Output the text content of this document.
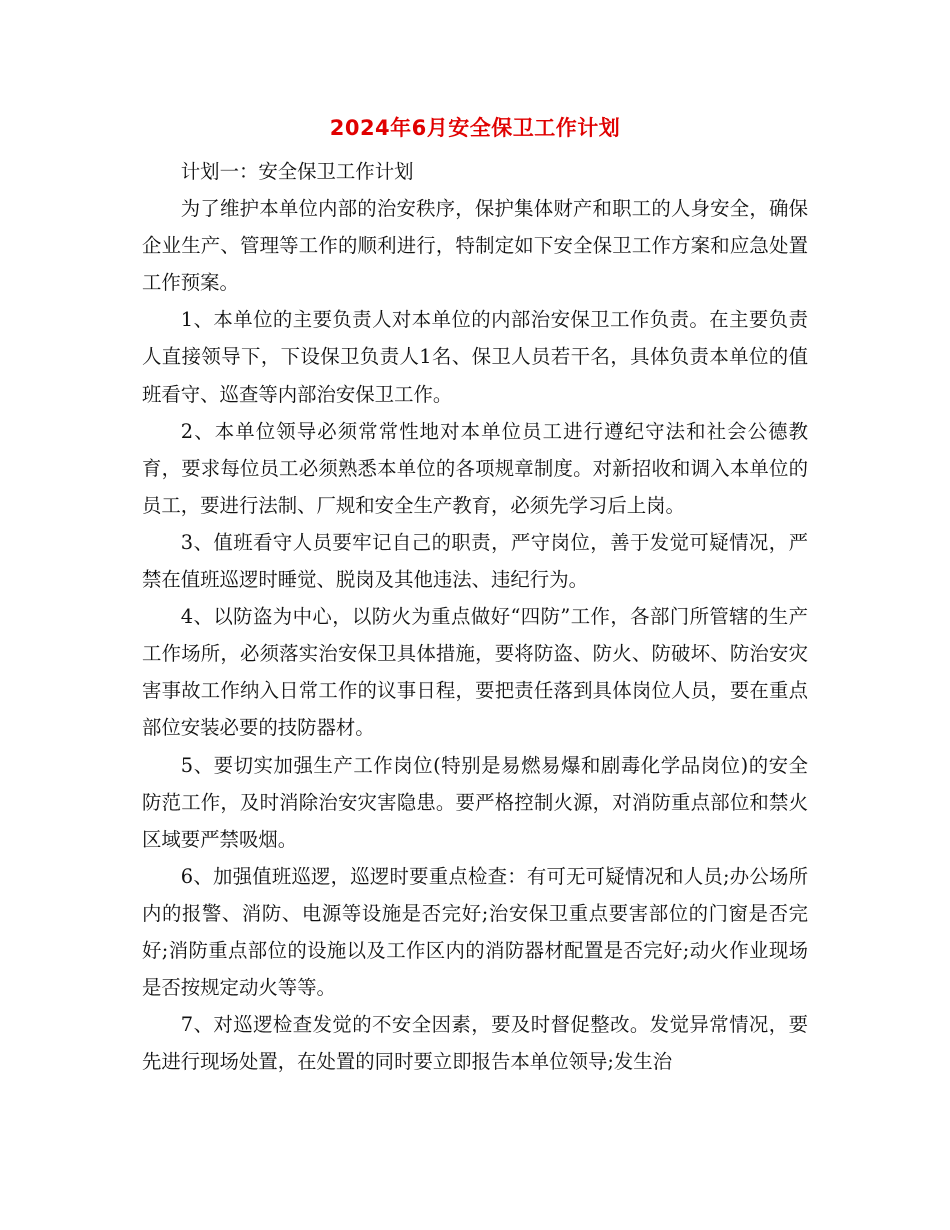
2024年6月安全保卫工作计划

计划一：安全保卫工作计划

为了维护本单位内部的治安秩序，保护集体财产和职工的人身安全，确保企业生产、管理等工作的顺利进行，特制定如下安全保卫工作方案和应急处置工作预案。

1、本单位的主要负责人对本单位的内部治安保卫工作负责。在主要负责人直接领导下，下设保卫负责人1名、保卫人员若干名，具体负责本单位的值班看守、巡查等内部治安保卫工作。

2、本单位领导必须常常性地对本单位员工进行遵纪守法和社会公德教育，要求每位员工必须熟悉本单位的各项规章制度。对新招收和调入本单位的员工，要进行法制、厂规和安全生产教育，必须先学习后上岗。

3、值班看守人员要牢记自己的职责，严守岗位，善于发觉可疑情况，严禁在值班巡逻时睡觉、脱岗及其他违法、违纪行为。

4、以防盗为中心，以防火为重点做好“四防”工作，各部门所管辖的生产工作场所，必须落实治安保卫具体措施，要将防盗、防火、防破坏、防治安灾害事故工作纳入日常工作的议事日程，要把责任落到具体岗位人员，要在重点部位安装必要的技防器材。

5、要切实加强生产工作岗位(特别是易燃易爆和剧毒化学品岗位)的安全防范工作，及时消除治安灾害隐患。要严格控制火源，对消防重点部位和禁火区域要严禁吸烟。

6、加强值班巡逻，巡逻时要重点检查：有可无可疑情况和人员;办公场所内的报警、消防、电源等设施是否完好;治安保卫重点要害部位的门窗是否完好;消防重点部位的设施以及工作区内的消防器材配置是否完好;动火作业现场是否按规定动火等等。

7、对巡逻检查发觉的不安全因素，要及时督促整改。发觉异常情况，要先进行现场处置，在处置的同时要立即报告本单位领导;发生治
